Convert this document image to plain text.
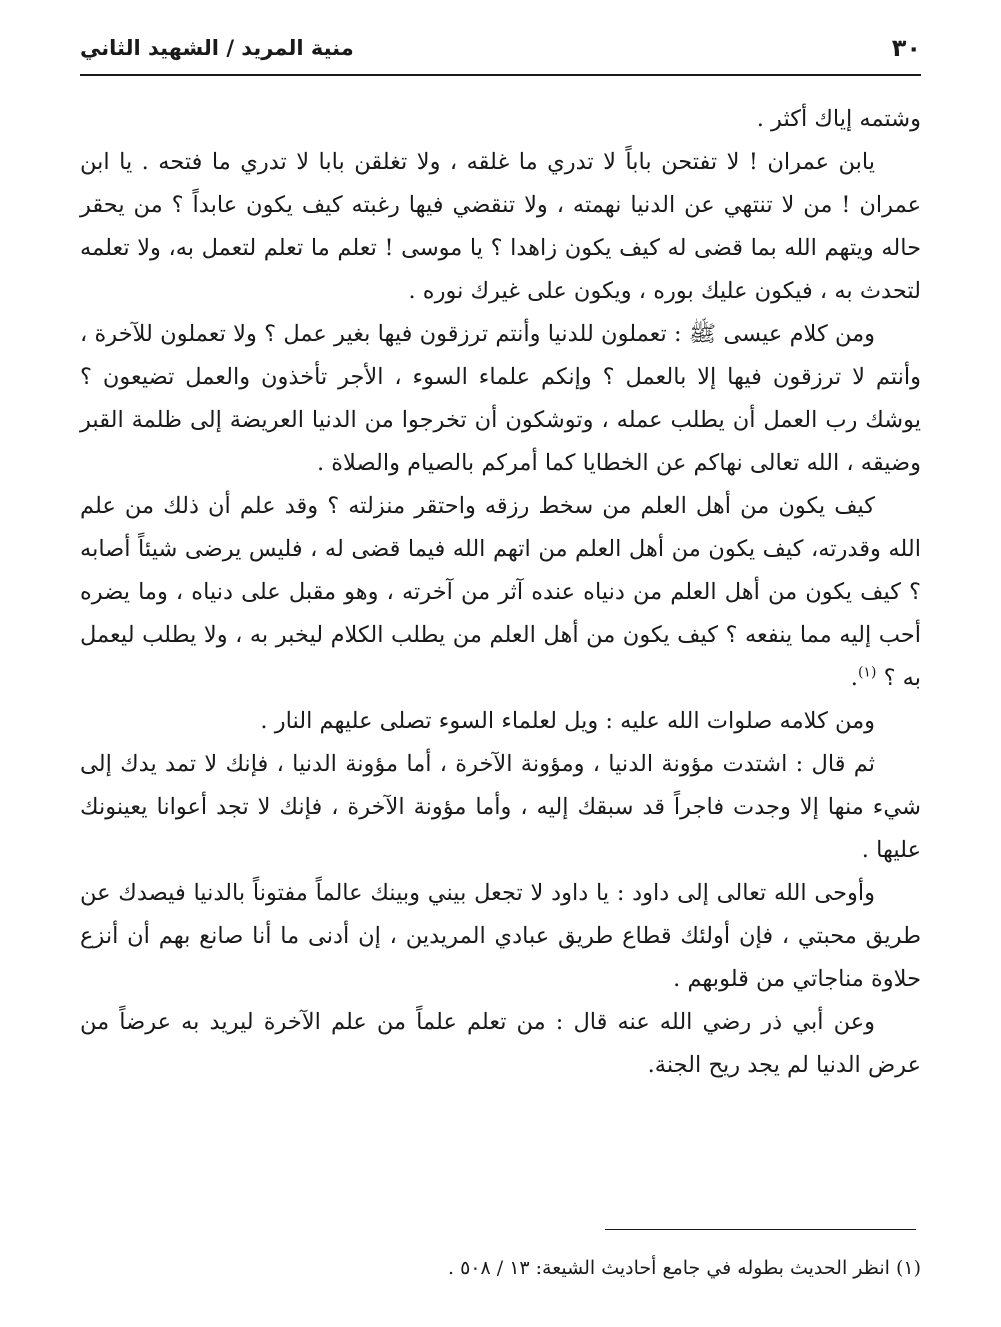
٣٠
منية المريد / الشهيد الثاني

وشتمه إياك أكثر .

يابن عمران ! لا تفتحن باباً لا تدري ما غلقه ، ولا تغلقن بابا لا تدري ما فتحه . يا ابن عمران ! من لا تنتهي عن الدنيا نهمته ، ولا تنقضي فيها رغبته كيف يكون عابداً ؟ من يحقر حاله ويتهم الله بما قضى له كيف يكون زاهدا ؟ يا موسى ! تعلم ما تعلم لتعمل به، ولا تعلمه لتحدث به ، فيكون عليك بوره ، ويكون على غيرك نوره .

ومن كلام عيسى ﷺ : تعملون للدنيا وأنتم ترزقون فيها بغير عمل ؟ ولا تعملون للآخرة ، وأنتم لا ترزقون فيها إلا بالعمل ؟ وإنكم علماء السوء ، الأجر تأخذون والعمل تضيعون ؟ يوشك رب العمل أن يطلب عمله ، وتوشكون أن تخرجوا من الدنيا العريضة إلى ظلمة القبر وضيقه ، الله تعالى نهاكم عن الخطايا كما أمركم بالصيام والصلاة .

كيف يكون من أهل العلم من سخط رزقه واحتقر منزلته ؟ وقد علم أن ذلك من علم الله وقدرته، كيف يكون من أهل العلم من اتهم الله فيما قضى له ، فليس يرضى شيئاً أصابه ؟ كيف يكون من أهل العلم من دنياه عنده آثر من آخرته ، وهو مقبل على دنياه ، وما يضره أحب إليه مما ينفعه ؟ كيف يكون من أهل العلم من يطلب الكلام ليخبر به ، ولا يطلب ليعمل به ؟ $^{(١)}$.

ومن كلامه صلوات الله عليه : ويل لعلماء السوء تصلى عليهم النار .

ثم قال : اشتدت مؤونة الدنيا ، ومؤونة الآخرة ، أما مؤونة الدنيا ، فإنك لا تمد يدك إلى شيء منها إلا وجدت فاجراً قد سبقك إليه ، وأما مؤونة الآخرة ، فإنك لا تجد أعوانا يعينونك عليها .

وأوحى الله تعالى إلى داود : يا داود لا تجعل بيني وبينك عالماً مفتوناً بالدنيا فيصدك عن طريق محبتي ، فإن أولئك قطاع طريق عبادي المريدين ، إن أدنى ما أنا صانع بهم أن أنزع حلاوة مناجاتي من قلوبهم .

وعن أبي ذر رضي الله عنه قال : من تعلم علماً من علم الآخرة ليريد به عرضاً من عرض الدنيا لم يجد ريح الجنة.

(١) انظر الحديث بطوله في جامع أحاديث الشيعة: ١٣ / ٥٠٨ .
